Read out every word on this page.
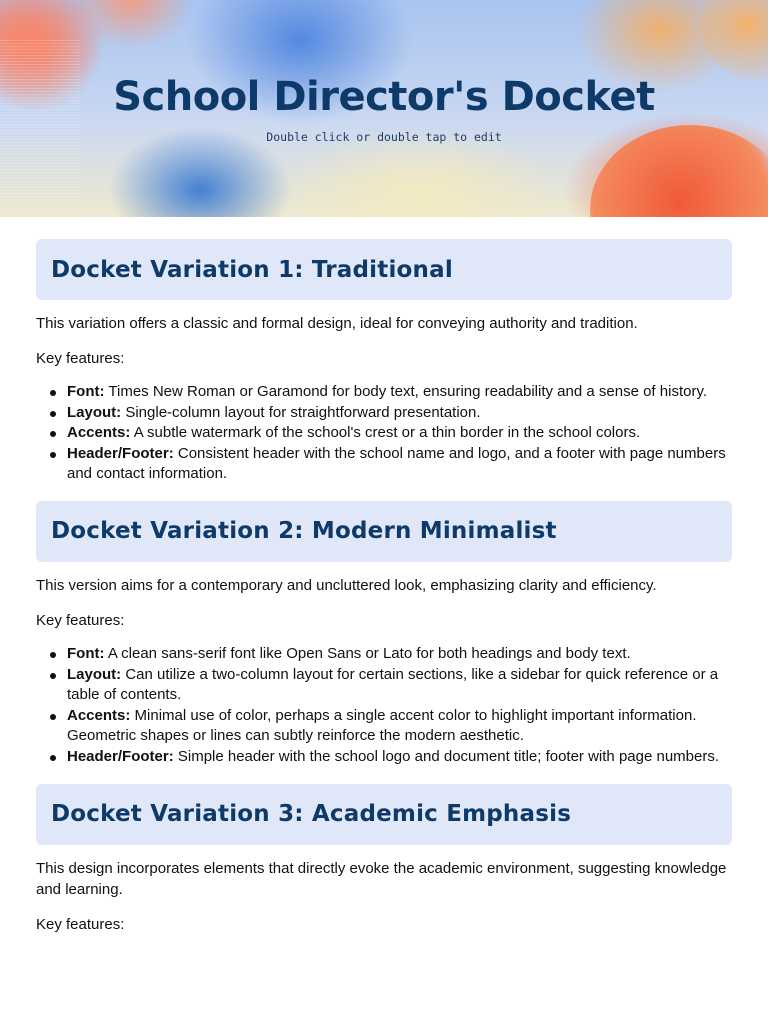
School Director's Docket
Double click or double tap to edit
Docket Variation 1: Traditional

This variation offers a classic and formal design, ideal for conveying authority and tradition.

Key features:

Font: Times New Roman or Garamond for body text, ensuring readability and a sense of history.
Layout: Single-column layout for straightforward presentation.
Accents: A subtle watermark of the school's crest or a thin border in the school colors.
Header/Footer: Consistent header with the school name and logo, and a footer with page numbers and contact information.
Docket Variation 2: Modern Minimalist

This version aims for a contemporary and uncluttered look, emphasizing clarity and efficiency.

Key features:

Font: A clean sans-serif font like Open Sans or Lato for both headings and body text.
Layout: Can utilize a two-column layout for certain sections, like a sidebar for quick reference or a table of contents.
Accents: Minimal use of color, perhaps a single accent color to highlight important information. Geometric shapes or lines can subtly reinforce the modern aesthetic.
Header/Footer: Simple header with the school logo and document title; footer with page numbers.
Docket Variation 3: Academic Emphasis

This design incorporates elements that directly evoke the academic environment, suggesting knowledge and learning.

Key features:
